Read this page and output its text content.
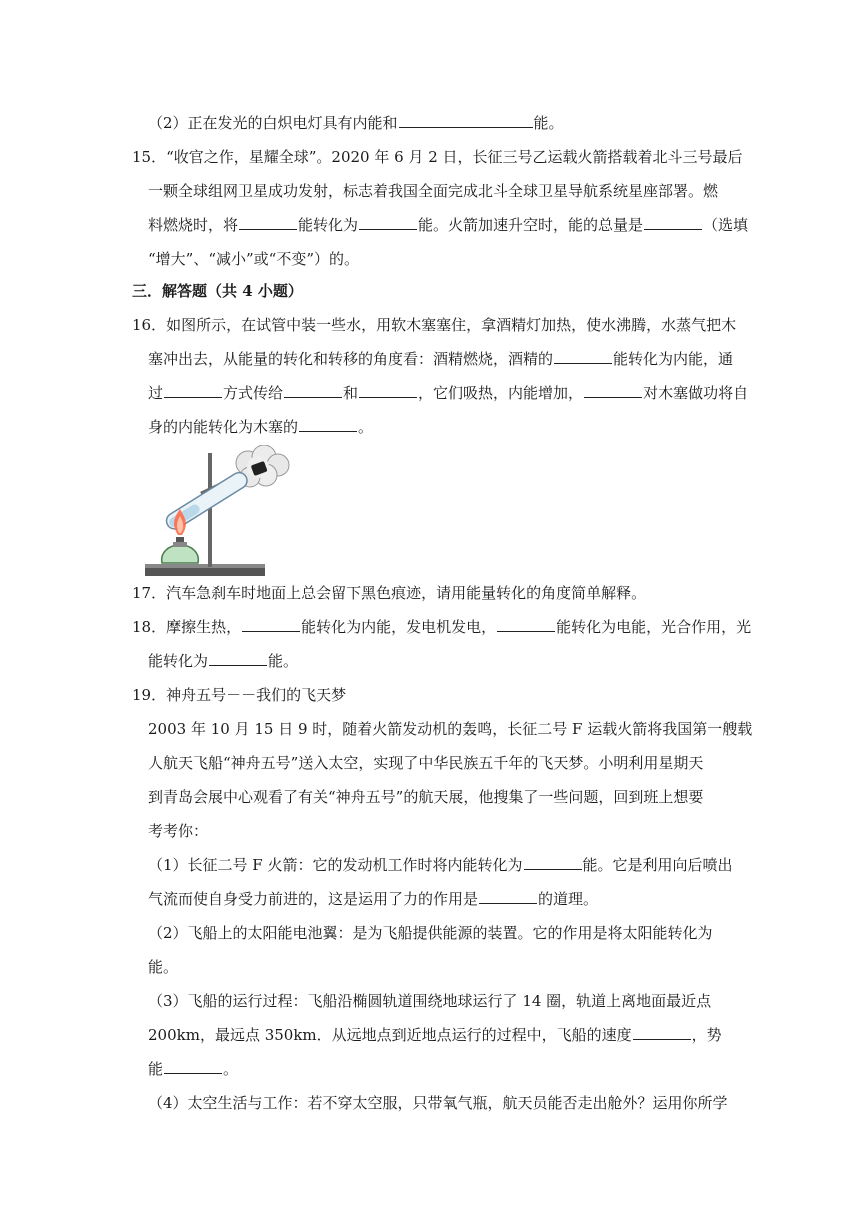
（2）正在发光的白炽电灯具有内能和	能。
15．“收官之作，星耀全球”。2020 年 6 月 2 日，长征三号乙运载火箭搭载着北斗三号最后
一颗全球组网卫星成功发射，标志着我国全面完成北斗全球卫星导航系统星座部署。燃
料燃烧时，将	能转化为	能。火箭加速升空时，能的总量是	（选填
“增大”、“减小”或“不变”）的。
三．解答题（共 4 小题）
16．如图所示，在试管中装一些水，用软木塞塞住，拿酒精灯加热，使水沸腾，水蒸气把木
塞冲出去，从能量的转化和转移的角度看：酒精燃烧，酒精的	能转化为内能，通
过	方式传给	和	，它们吸热，内能增加，	对木塞做功将自
身的内能转化为木塞的	。
17．汽车急刹车时地面上总会留下黑色痕迹，请用能量转化的角度简单解释。
18．摩擦生热，	能转化为内能，发电机发电，	能转化为电能，光合作用，光
能转化为	能。
19．神舟五号－－我们的飞天梦
2003 年 10 月 15 日 9 时，随着火箭发动机的轰鸣，长征二号 F 运载火箭将我国第一艘载
人航天飞船“神舟五号”送入太空，实现了中华民族五千年的飞天梦。小明利用星期天
到青岛会展中心观看了有关“神舟五号”的航天展，他搜集了一些问题，回到班上想要
考考你：
（1）长征二号 F 火箭：它的发动机工作时将内能转化为	能。它是利用向后喷出
气流而使自身受力前进的，这是运用了力的作用是	的道理。
（2）飞船上的太阳能电池翼：是为飞船提供能源的装置。它的作用是将太阳能转化为
能。
（3）飞船的运行过程：飞船沿椭圆轨道围绕地球运行了 14 圈，轨道上离地面最近点
200km，最远点 350km．从远地点到近地点运行的过程中，飞船的速度	，势
能	。
（4）太空生活与工作：若不穿太空服，只带氧气瓶，航天员能否走出舱外？运用你所学
